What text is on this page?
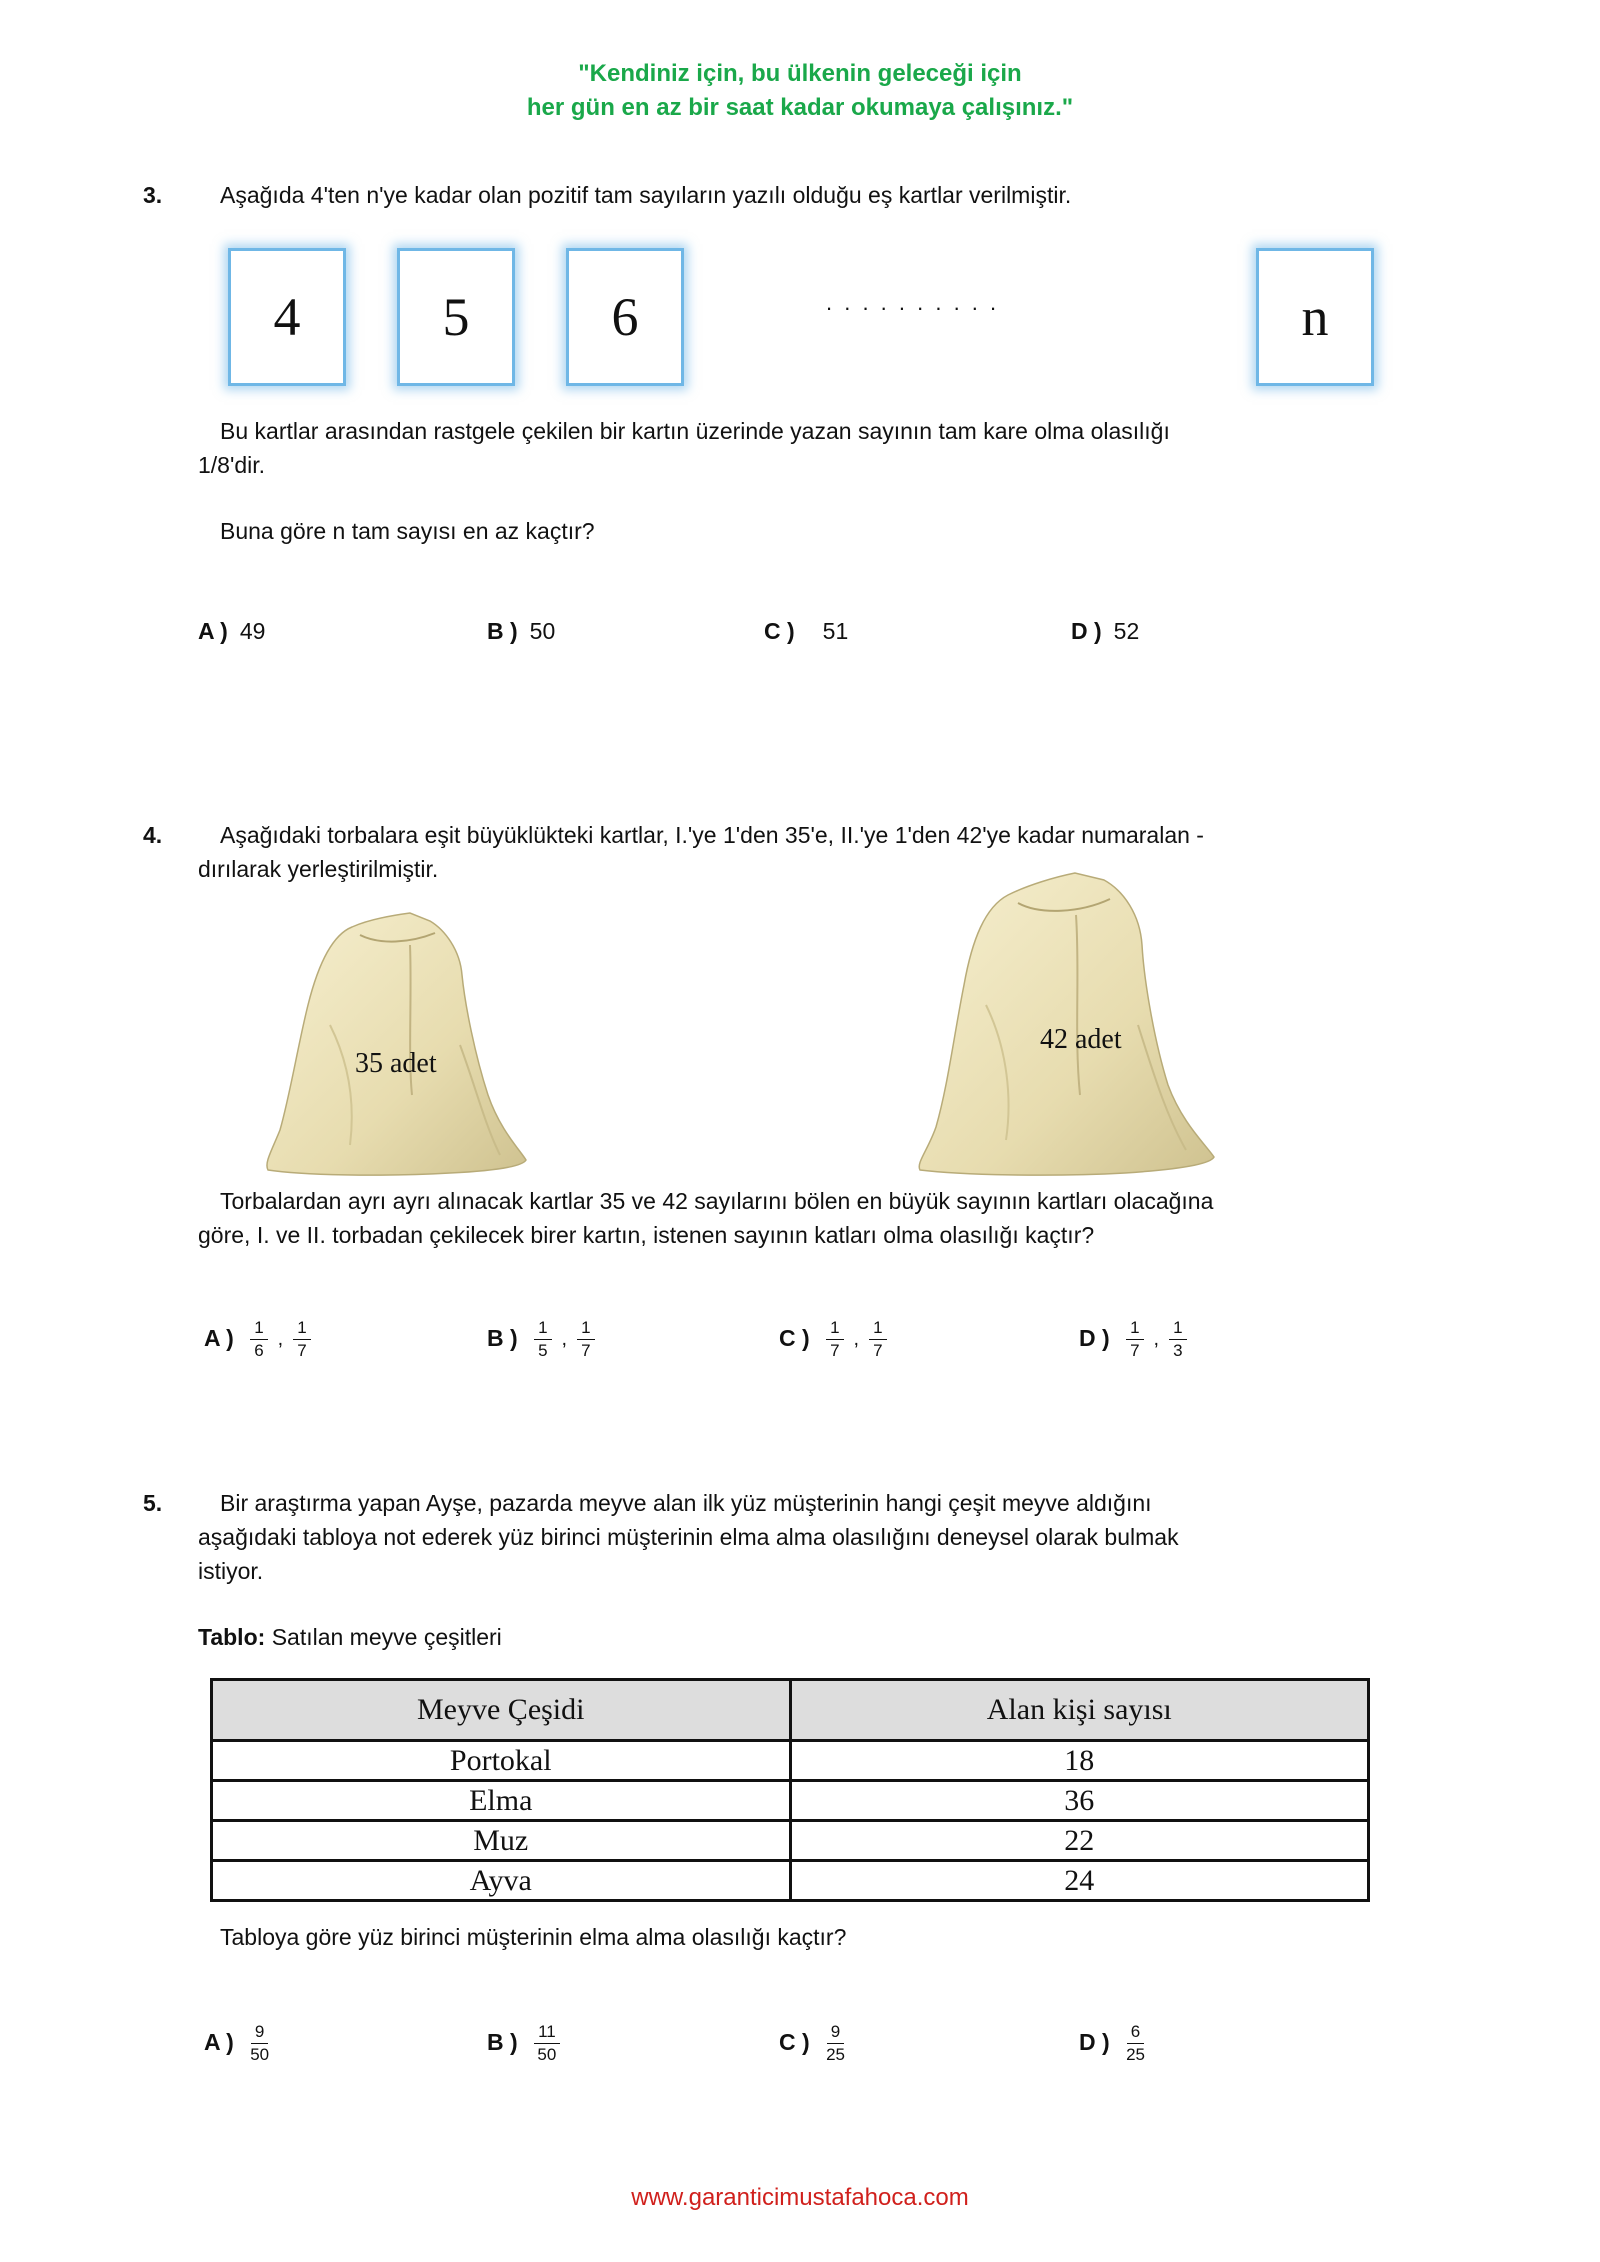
"Kendiniz için, bu ülkenin geleceği için
her gün en az bir saat kadar okumaya çalışınız."
3.	Aşağıda 4'ten n'ye kadar olan pozitif tam sayıların yazılı olduğu eş kartlar verilmiştir.
4	5	6	. . . . . . . . . .	n
Bu kartlar arasından rastgele çekilen bir kartın üzerinde yazan sayının tam kare olma olasılığı
1/8'dir.
Buna göre n tam sayısı en az kaçtır?
A ) 49	B ) 50	C ) 51	D ) 52
4.	Aşağıdaki torbalara eşit büyüklükteki kartlar, I.'ye 1'den 35'e, II.'ye 1'den 42'ye kadar numaralan -
dırılarak yerleştirilmiştir.
35 adet
42 adet
Torbalardan ayrı ayrı alınacak kartlar 35 ve 42 sayılarını bölen en büyük sayının kartları olacağına
göre, I. ve II. torbadan çekilecek birer kartın, istenen sayının katları olma olasılığı kaçtır?
A ) $\frac{1}{6}$ , $\frac{1}{7}$	B ) $\frac{1}{5}$ , $\frac{1}{7}$	C ) $\frac{1}{7}$ , $\frac{1}{7}$	D ) $\frac{1}{7}$ , $\frac{1}{3}$
5.	Bir araştırma yapan Ayşe, pazarda meyve alan ilk yüz müşterinin hangi çeşit meyve aldığını
aşağıdaki tabloya not ederek yüz birinci müşterinin elma alma olasılığını deneysel olarak bulmak
istiyor.
Tablo: Satılan meyve çeşitleri
Meyve Çeşidi	Alan kişi sayısı
Portokal	18
Elma	36
Muz	22
Ayva	24
Tabloya göre yüz birinci müşterinin elma alma olasılığı kaçtır?
A ) $\frac{9}{50}$	B ) $\frac{11}{50}$	C ) $\frac{9}{25}$	D ) $\frac{6}{25}$
www.garanticimustafahoca.com
